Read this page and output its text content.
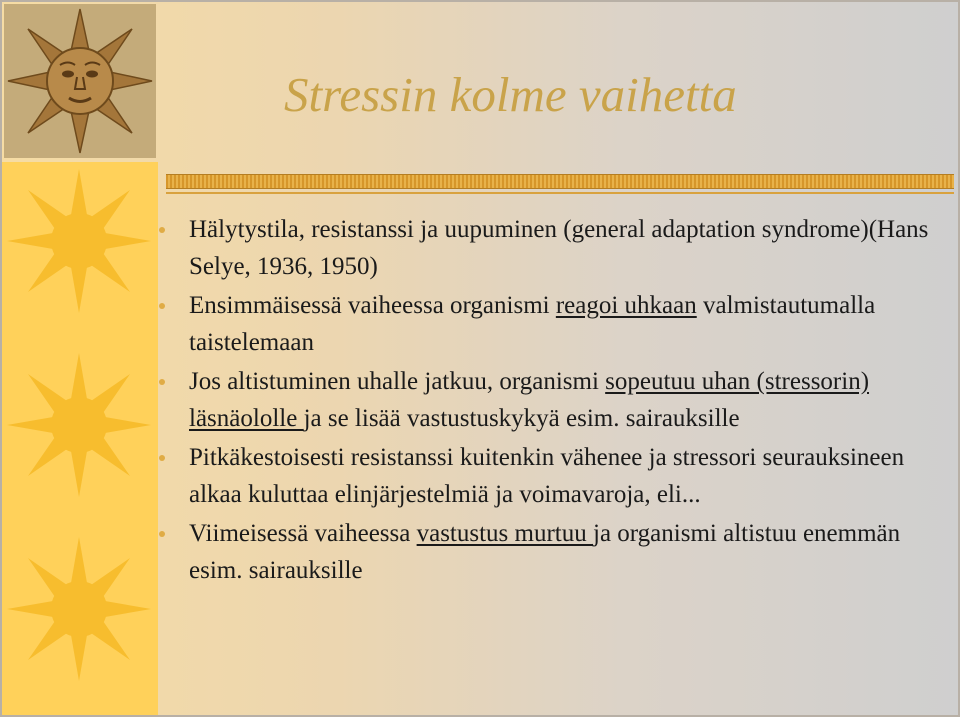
Stressin kolme vaihetta
Hälytystila, resistanssi ja uupuminen (general adaptation syndrome)(Hans Selye, 1936, 1950)
Ensimmäisessä vaiheessa organismi reagoi uhkaan valmistautumalla taistelemaan
Jos altistuminen uhalle jatkuu, organismi sopeutuu uhan (stressorin) läsnäololle ja se lisää vastustuskykyä esim. sairauksille
Pitkäkestoisesti resistanssi kuitenkin vähenee ja stressori seurauksineen alkaa kuluttaa elinjärjestelmiä ja voimavaroja, eli...
Viimeisessä vaiheessa vastustus murtuu ja organismi altistuu enemmän esim. sairauksille
